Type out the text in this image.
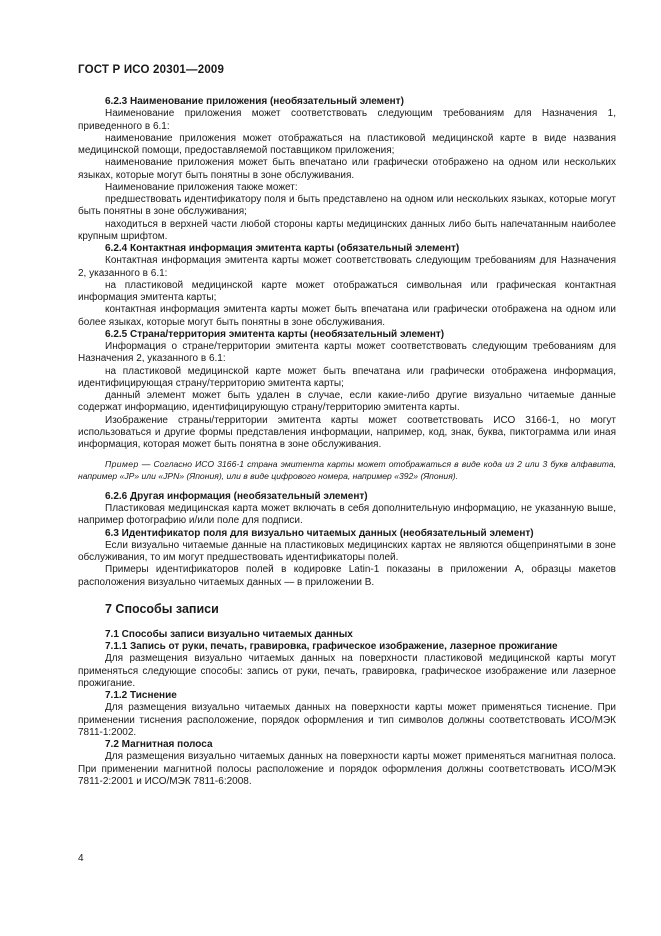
ГОСТ Р ИСО 20301—2009

6.2.3 Наименование приложения (необязательный элемент)

Наименование приложения может соответствовать следующим требованиям для Назначения 1, приведенного в 6.1:

наименование приложения может отображаться на пластиковой медицинской карте в виде названия медицинской помощи, предоставляемой поставщиком приложения;

наименование приложения может быть впечатано или графически отображено на одном или нескольких языках, которые могут быть понятны в зоне обслуживания.

Наименование приложения также может:

предшествовать идентификатору поля и быть представлено на одном или нескольких языках, которые могут быть понятны в зоне обслуживания;

находиться в верхней части любой стороны карты медицинских данных либо быть напечатанным наиболее крупным шрифтом.

6.2.4 Контактная информация эмитента карты (обязательный элемент)

Контактная информация эмитента карты может соответствовать следующим требованиям для Назначения 2, указанного в 6.1:

на пластиковой медицинской карте может отображаться символьная или графическая контактная информация эмитента карты;

контактная информация эмитента карты может быть впечатана или графически отображена на одном или более языках, которые могут быть понятны в зоне обслуживания.

6.2.5 Страна/территория эмитента карты (необязательный элемент)

Информация о стране/территории эмитента карты может соответствовать следующим требованиям для Назначения 2, указанного в 6.1:

на пластиковой медицинской карте может быть впечатана или графически отображена информация, идентифицирующая страну/территорию эмитента карты;

данный элемент может быть удален в случае, если какие-либо другие визуально читаемые данные содержат информацию, идентифицирующую страну/территорию эмитента карты.

Изображение страны/территории эмитента карты может соответствовать ИСО 3166-1, но могут использоваться и другие формы представления информации, например, код, знак, буква, пиктограмма или иная информация, которая может быть понятна в зоне обслуживания.

Пример — Согласно ИСО 3166-1 страна эмитента карты может отображаться в виде кода из 2 или 3 букв алфавита, например «JP» или «JPN» (Япония), или в виде цифрового номера, например «392» (Япония).

6.2.6 Другая информация (необязательный элемент)

Пластиковая медицинская карта может включать в себя дополнительную информацию, не указанную выше, например фотографию и/или поле для подписи.

6.3 Идентификатор поля для визуально читаемых данных (необязательный элемент)

Если визуально читаемые данные на пластиковых медицинских картах не являются общепринятыми в зоне обслуживания, то им могут предшествовать идентификаторы полей.

Примеры идентификаторов полей в кодировке Latin-1 показаны в приложении А, образцы макетов расположения визуально читаемых данных — в приложении В.

7 Способы записи

7.1 Способы записи визуально читаемых данных

7.1.1 Запись от руки, печать, гравировка, графическое изображение, лазерное прожигание

Для размещения визуально читаемых данных на поверхности пластиковой медицинской карты могут применяться следующие способы: запись от руки, печать, гравировка, графическое изображение или лазерное прожигание.

7.1.2 Тиснение

Для размещения визуально читаемых данных на поверхности карты может применяться тиснение. При применении тиснения расположение, порядок оформления и тип символов должны соответствовать ИСО/МЭК 7811-1:2002.

7.2 Магнитная полоса

Для размещения визуально читаемых данных на поверхности карты может применяться магнитная полоса. При применении магнитной полосы расположение и порядок оформления должны соответствовать ИСО/МЭК 7811-2:2001 и ИСО/МЭК 7811-6:2008.

4
